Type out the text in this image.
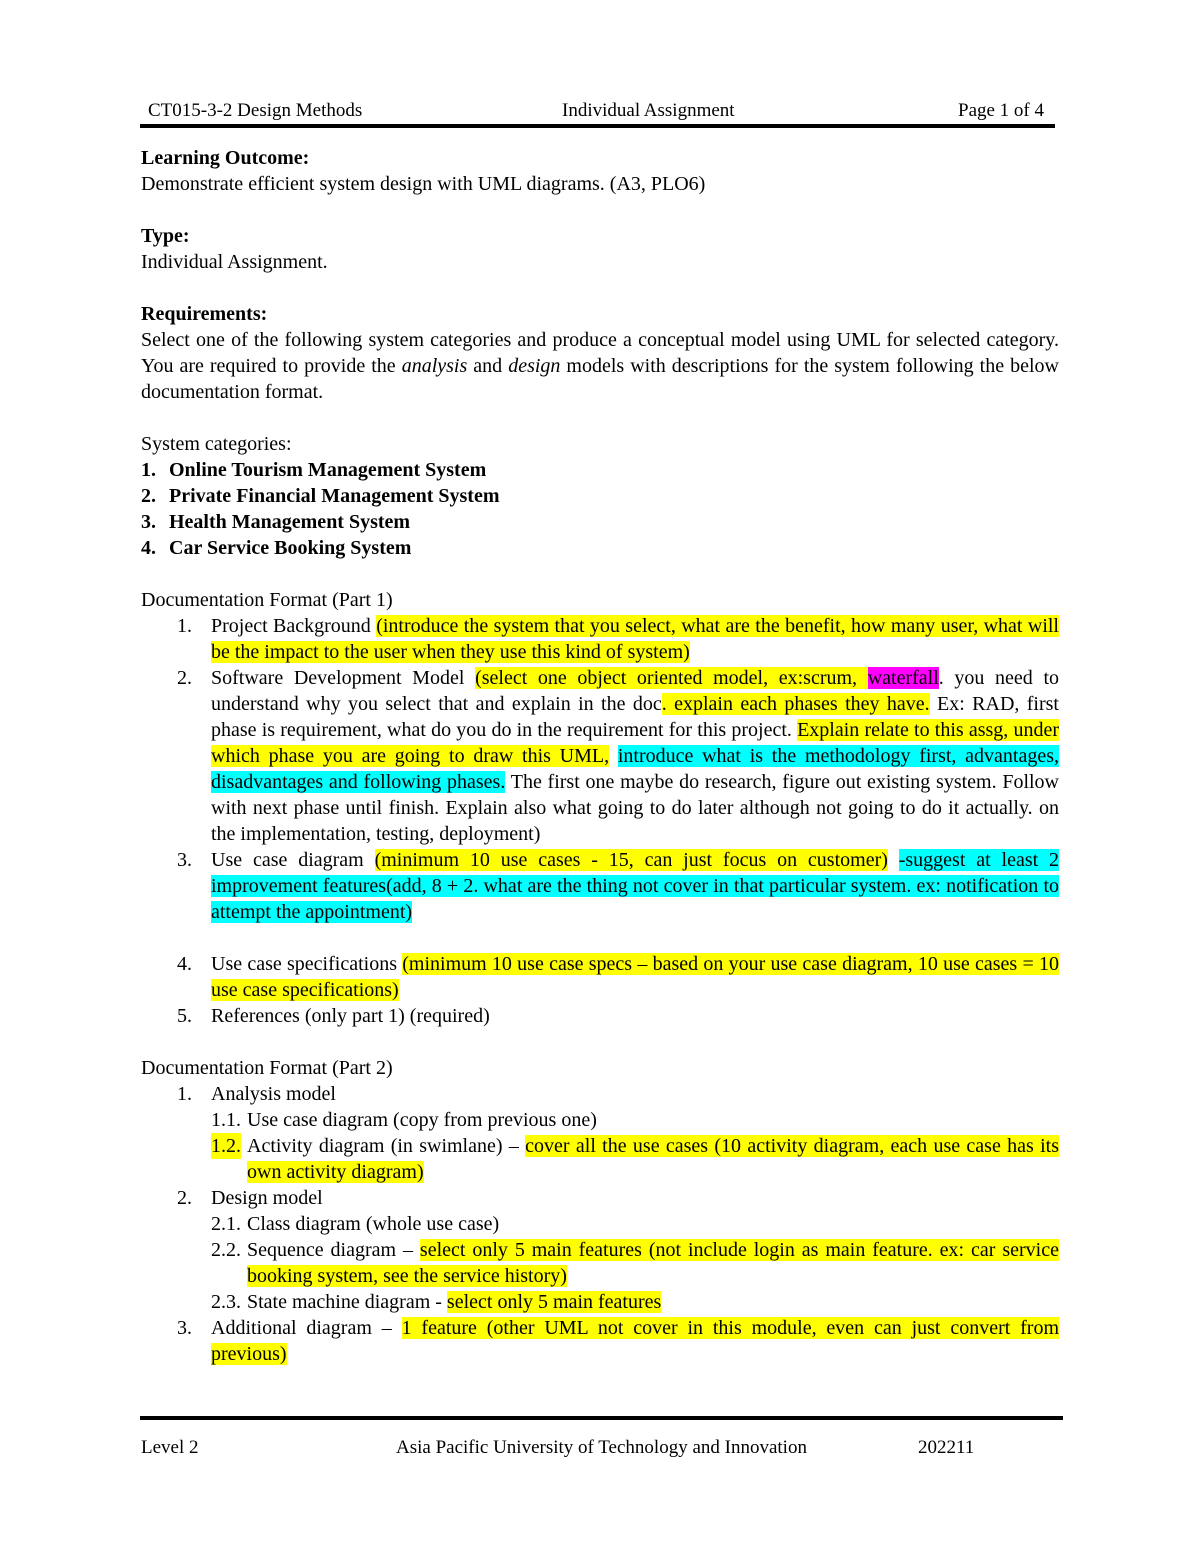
CT015-3-2 Design Methods	Individual Assignment	Page 1 of 4

Learning Outcome:

Demonstrate efficient system design with UML diagrams. (A3, PLO6)

Type:

Individual Assignment.

Requirements:

Select one of the following system categories and produce a conceptual model using UML for selected category. You are required to provide the analysis and design models with descriptions for the system following the below documentation format.

System categories:

1. Online Tourism Management System
2. Private Financial Management System
3. Health Management System
4. Car Service Booking System

Documentation Format (Part 1)

1. Project Background (introduce the system that you select, what are the benefit, how many user, what will be the impact to the user when they use this kind of system)
2. Software Development Model (select one object oriented model, ex:scrum, waterfall. you need to understand why you select that and explain in the doc. explain each phases they have. Ex: RAD, first phase is requirement, what do you do in the requirement for this project. Explain relate to this assg, under which phase you are going to draw this UML, introduce what is the methodology first, advantages, disadvantages and following phases. The first one maybe do research, figure out existing system. Follow with next phase until finish. Explain also what going to do later although not going to do it actually. on the implementation, testing, deployment)
3. Use case diagram (minimum 10 use cases - 15, can just focus on customer) -suggest at least 2 improvement features(add, 8 + 2. what are the thing not cover in that particular system. ex: notification to attempt the appointment)
4. Use case specifications (minimum 10 use case specs – based on your use case diagram, 10 use cases = 10 use case specifications)
5. References (only part 1) (required)

Documentation Format (Part 2)

1. Analysis model
1.1. Use case diagram (copy from previous one)
1.2. Activity diagram (in swimlane) – cover all the use cases (10 activity diagram, each use case has its own activity diagram)
2. Design model
2.1. Class diagram (whole use case)
2.2. Sequence diagram – select only 5 main features (not include login as main feature. ex: car service booking system, see the service history)
2.3. State machine diagram - select only 5 main features
3. Additional diagram – 1 feature (other UML not cover in this module, even can just convert from previous)
Level 2	Asia Pacific University of Technology and Innovation	202211
